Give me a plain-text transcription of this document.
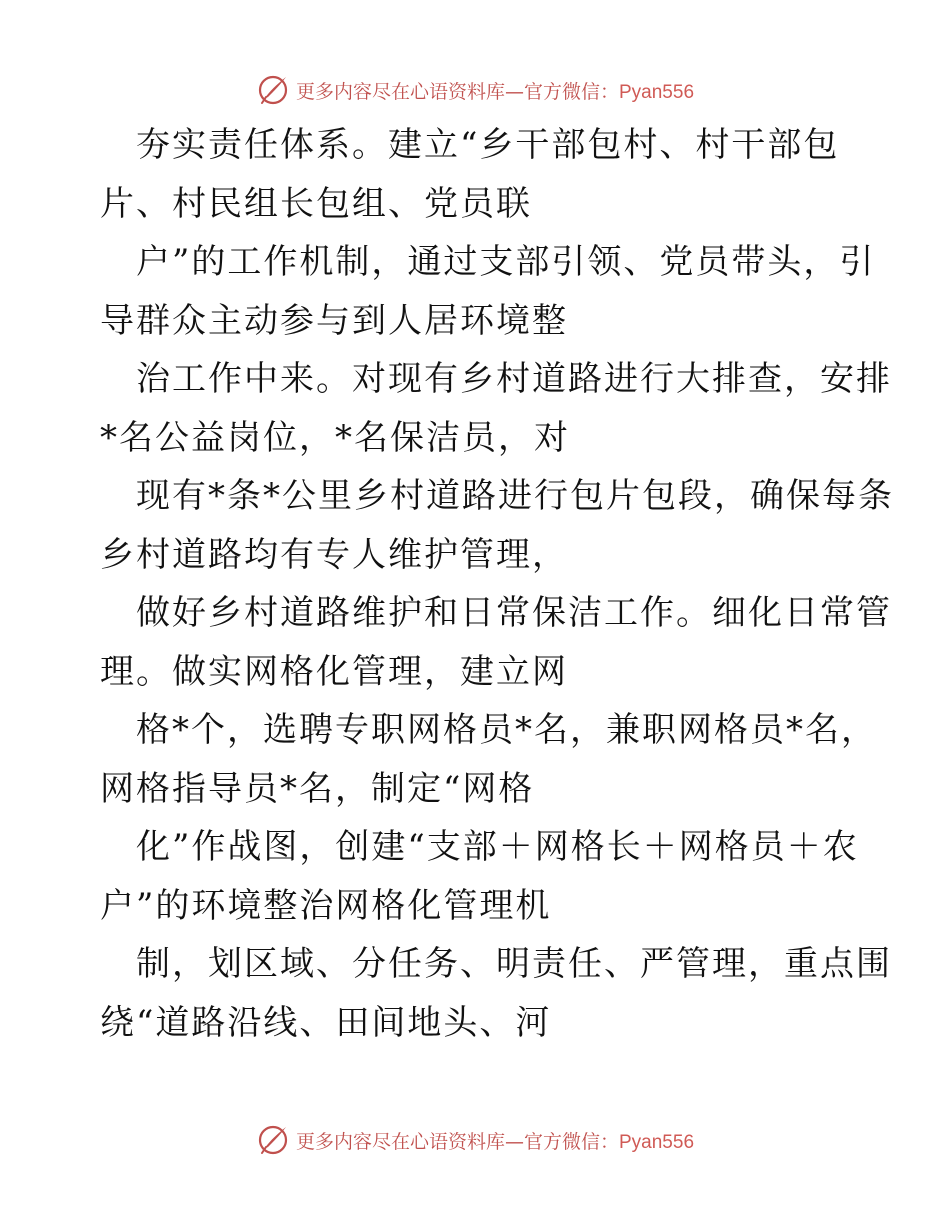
更多内容尽在心语资料库—官方微信：Pyan556
夯实责任体系。建立“乡干部包村、村干部包
片、村民组长包组、党员联
户”的工作机制，通过支部引领、党员带头，引
导群众主动参与到人居环境整
治工作中来。对现有乡村道路进行大排查，安排
*名公益岗位，*名保洁员，对
现有*条*公里乡村道路进行包片包段，确保每条
乡村道路均有专人维护管理，
做好乡村道路维护和日常保洁工作。细化日常管
理。做实网格化管理，建立网
格*个，选聘专职网格员*名，兼职网格员*名，
网格指导员*名，制定“网格
化”作战图，创建“支部＋网格长＋网格员＋农
户”的环境整治网格化管理机
制，划区域、分任务、明责任、严管理，重点围
绕“道路沿线、田间地头、河
更多内容尽在心语资料库—官方微信：Pyan556
